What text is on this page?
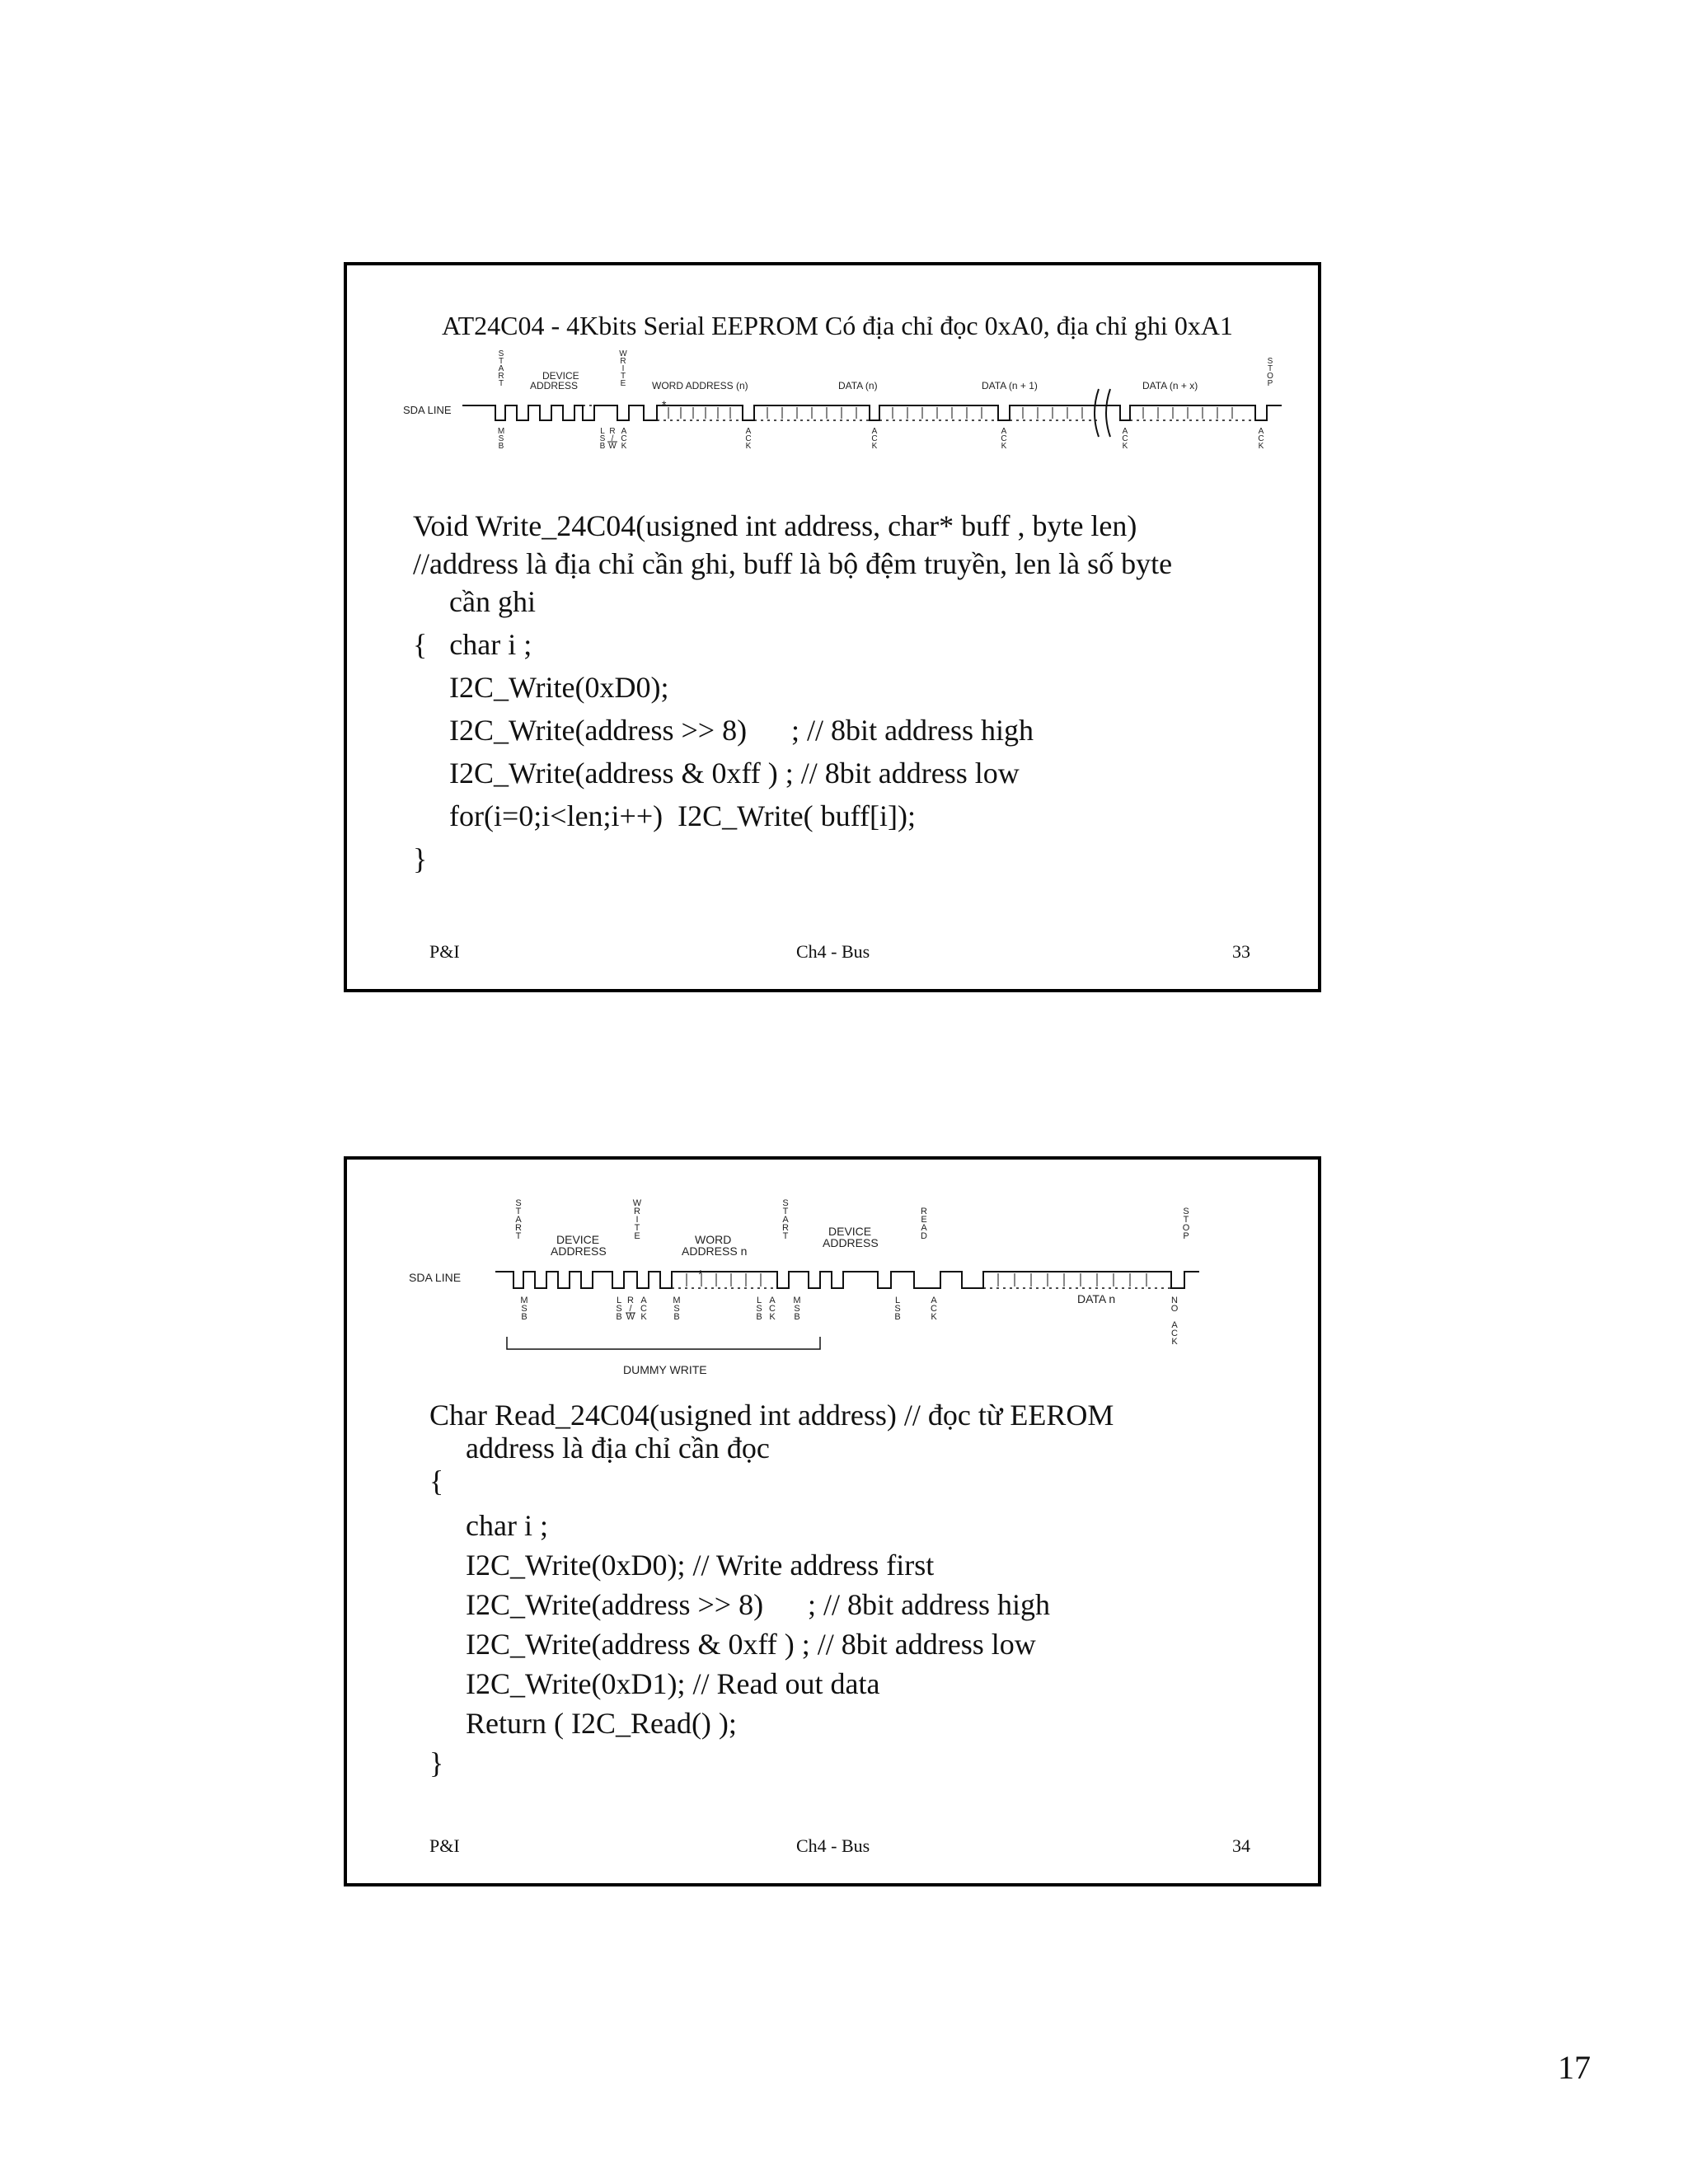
AT24C04 - 4Kbits Serial EEPROM Có địa chỉ đọc 0xA0, địa chỉ ghi 0xA1
S
T
A
R
T
W
R
I
T
E
S
T
O
P
DEVICE
ADDRESS	WORD ADDRESS (n)	DATA (n)	DATA (n + 1)	DATA (n + x)
SDA LINE	*
M
S
B
L
S
B
R
/
W
A
C
K
A
C
K
A
C
K
A
C
K
A
C
K
A
C
K
Void Write_24C04(usigned int address, char* buff , byte len)
//address là địa chỉ cần ghi, buff là bộ đệm truyền, len là số byte
cần ghi
{   char i ;
I2C_Write(0xD0);
I2C_Write(address >> 8)      ; // 8bit address high
I2C_Write(address & 0xff ) ; // 8bit address low
for(i=0;i<len;i++)  I2C_Write( buff[i]);
}
P&I	Ch4 - Bus	33
S
T
A
R
T
W
R
I
T
E
S
T
A
R
T
R
E
A
D
S
T
O
P
DEVICE
ADDRESS
WORD
ADDRESS n
DEVICE
ADDRESS
DATA n
SDA LINE	*
DUMMY WRITE
M
S
B
L
S
B
R
/
W
A
C
K
M
S
B
L
S
B
A
C
K
M
S
B
L
S
B
A
C
K
N
O
A
C
K
Char Read_24C04(usigned int address) // đọc từ EEROM
address là địa chỉ cần đọc
{
char i ;
I2C_Write(0xD0); // Write address first
I2C_Write(address >> 8)      ; // 8bit address high
I2C_Write(address & 0xff ) ; // 8bit address low
I2C_Write(0xD1); // Read out data
Return ( I2C_Read() );
}
P&I	Ch4 - Bus	34
17
